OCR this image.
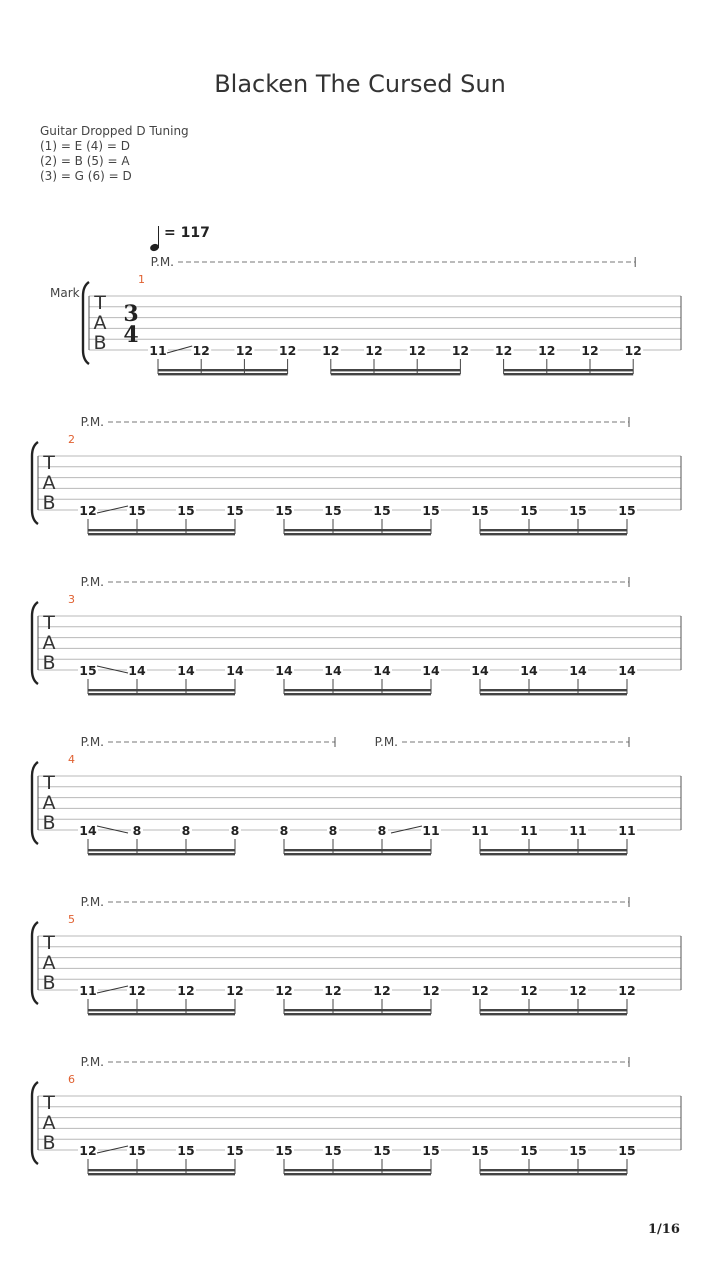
Blacken The Cursed Sun
Guitar Dropped D Tuning
(1) = E (4) = D
(2) = B (5) = A
(3) = G (6) = D
= 117
Mark T
A
B
3
4
1
11 12 12 12 12 12 12 12 12 12 12 12
P.M.
T
A
B
2
12	15	15	15	15	15	15	15	15	15	15	15
P.M.
T
A
B
3
15	14	14	14	14	14	14	14	14	14	14	14
P.M.
T
A
B
4
14	8	8	8	8	8	8	11	11	11	11	11
P.M.	P.M.
T
A
B
5
11	12	12	12	12	12	12	12	12	12	12	12
P.M.
T
A
B
6
12	15	15	15	15	15	15	15	15	15	15	15
P.M.
1/16
